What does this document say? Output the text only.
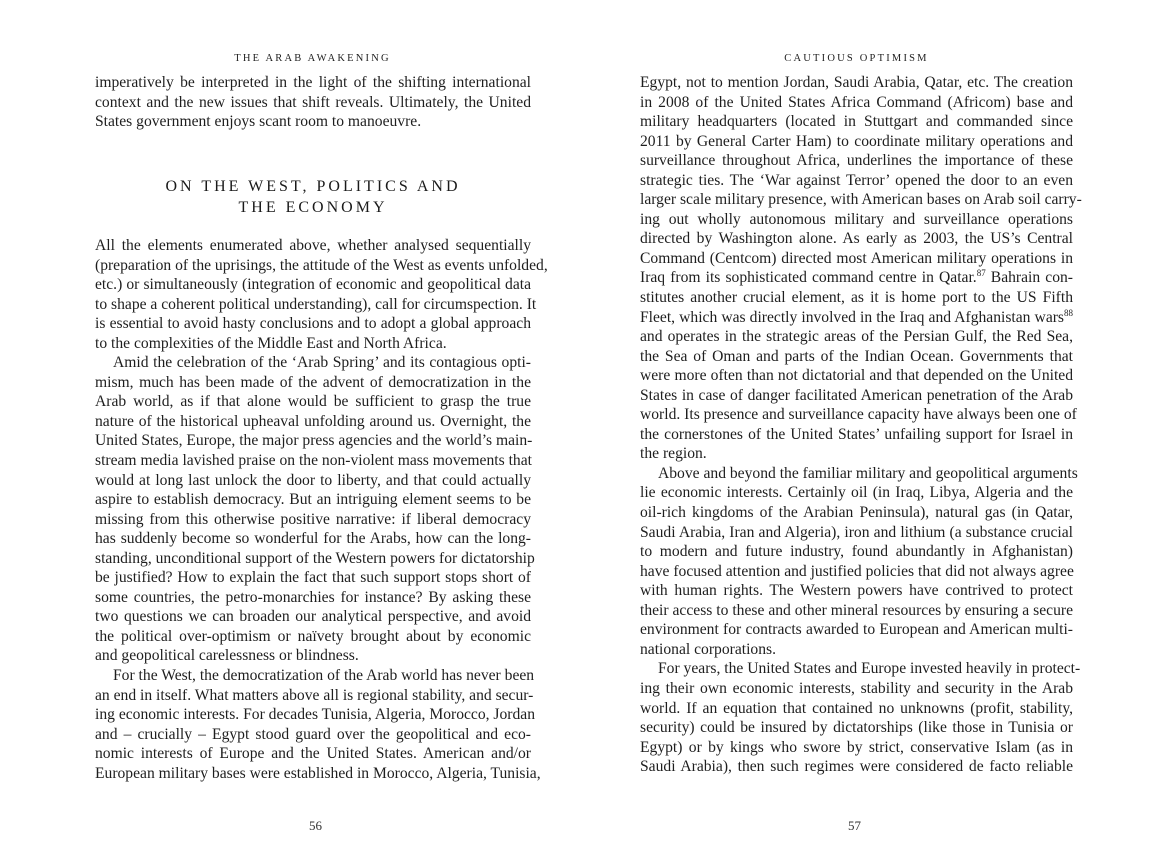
THE ARAB AWAKENING
imperatively be interpreted in the light of the shifting international
context and the new issues that shift reveals. Ultimately, the United
States government enjoys scant room to manoeuvre.
ON THE WEST, POLITICS AND
THE ECONOMY
All the elements enumerated above, whether analysed sequentially
(preparation of the uprisings, the attitude of the West as events unfolded,
etc.) or simultaneously (integration of economic and geopolitical data
to shape a coherent political understanding), call for circumspection. It
is essential to avoid hasty conclusions and to adopt a global approach
to the complexities of the Middle East and North Africa.
Amid the celebration of the ‘Arab Spring’ and its contagious opti-
mism, much has been made of the advent of democratization in the
Arab world, as if that alone would be sufficient to grasp the true
nature of the historical upheaval unfolding around us. Overnight, the
United States, Europe, the major press agencies and the world’s main-
stream media lavished praise on the non-violent mass movements that
would at long last unlock the door to liberty, and that could actually
aspire to establish democracy. But an intriguing element seems to be
missing from this otherwise positive narrative: if liberal democracy
has suddenly become so wonderful for the Arabs, how can the long-
standing, unconditional support of the Western powers for dictatorship
be justified? How to explain the fact that such support stops short of
some countries, the petro-monarchies for instance? By asking these
two questions we can broaden our analytical perspective, and avoid
the political over-optimism or naïvety brought about by economic
and geopolitical carelessness or blindness.
For the West, the democratization of the Arab world has never been
an end in itself. What matters above all is regional stability, and secur-
ing economic interests. For decades Tunisia, Algeria, Morocco, Jordan
and – crucially – Egypt stood guard over the geopolitical and eco-
nomic interests of Europe and the United States. American and/or
European military bases were established in Morocco, Algeria, Tunisia,
56
CAUTIOUS OPTIMISM
Egypt, not to mention Jordan, Saudi Arabia, Qatar, etc. The creation
in 2008 of the United States Africa Command (Africom) base and
military headquarters (located in Stuttgart and commanded since
2011 by General Carter Ham) to coordinate military operations and
surveillance throughout Africa, underlines the importance of these
strategic ties. The ‘War against Terror’ opened the door to an even
larger scale military presence, with American bases on Arab soil carry-
ing out wholly autonomous military and surveillance operations
directed by Washington alone. As early as 2003, the US’s Central
Command (Centcom) directed most American military operations in
Iraq from its sophisticated command centre in Qatar.$^{87}$ Bahrain con-
stitutes another crucial element, as it is home port to the US Fifth
Fleet, which was directly involved in the Iraq and Afghanistan wars$^{88}$
and operates in the strategic areas of the Persian Gulf, the Red Sea,
the Sea of Oman and parts of the Indian Ocean. Governments that
were more often than not dictatorial and that depended on the United
States in case of danger facilitated American penetration of the Arab
world. Its presence and surveillance capacity have always been one of
the cornerstones of the United States’ unfailing support for Israel in
the region.
Above and beyond the familiar military and geopolitical arguments
lie economic interests. Certainly oil (in Iraq, Libya, Algeria and the
oil-rich kingdoms of the Arabian Peninsula), natural gas (in Qatar,
Saudi Arabia, Iran and Algeria), iron and lithium (a substance crucial
to modern and future industry, found abundantly in Afghanistan)
have focused attention and justified policies that did not always agree
with human rights. The Western powers have contrived to protect
their access to these and other mineral resources by ensuring a secure
environment for contracts awarded to European and American multi-
national corporations.
For years, the United States and Europe invested heavily in protect-
ing their own economic interests, stability and security in the Arab
world. If an equation that contained no unknowns (profit, stability,
security) could be insured by dictatorships (like those in Tunisia or
Egypt) or by kings who swore by strict, conservative Islam (as in
Saudi Arabia), then such regimes were considered de facto reliable
57
